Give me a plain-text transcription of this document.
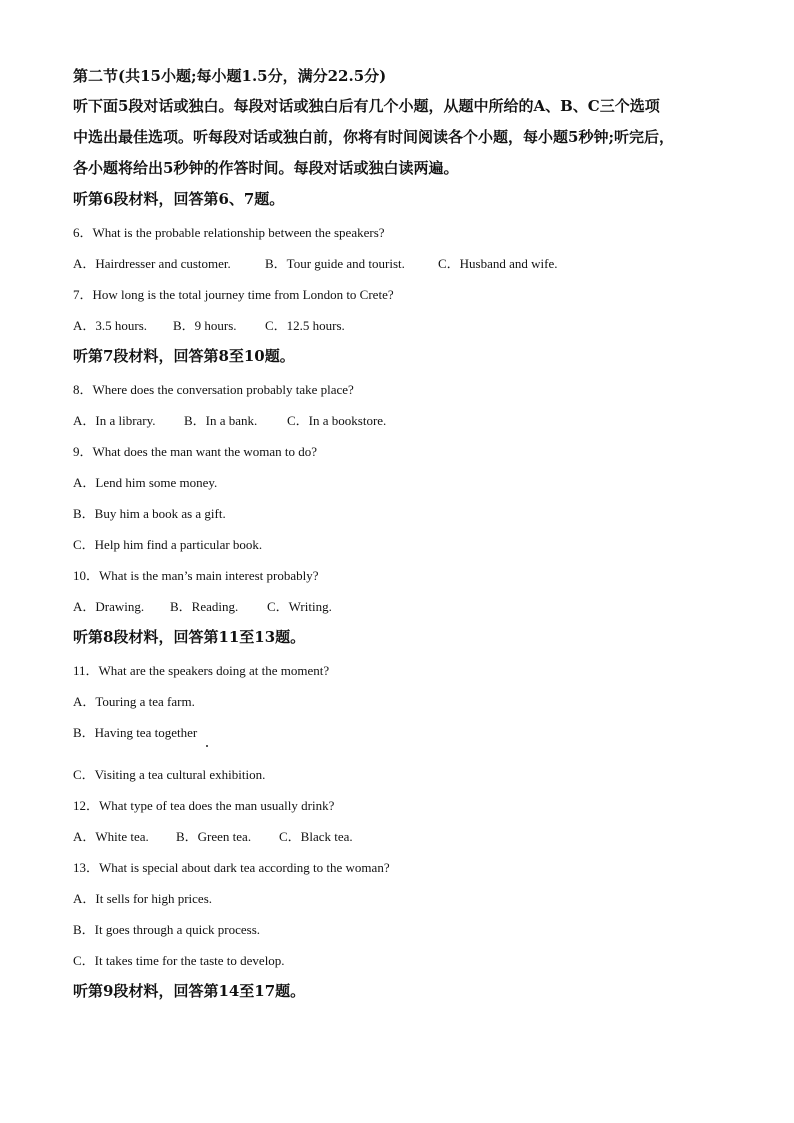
第二节(共15小题;每小题1.5分，满分22.5分)
听下面5段对话或独白。每段对话或独白后有几个小题，从题中所给的A、B、C三个选项
中选出最佳选项。听每段对话或独白前，你将有时间阅读各个小题，每小题5秒钟;听完后，
各小题将给出5秒钟的作答时间。每段对话或独白读两遍。
听第6段材料，回答第6、7题。
6．What is the probable relationship between the speakers?
A．Hairdresser and customer.	B．Tour guide and tourist.	C．Husband and wife.
7．How long is the total journey time from London to Crete?
A．3.5 hours. B．9 hours. C．12.5 hours.
听第7段材料，回答第8至10题。
8．Where does the conversation probably take place?
A．In a library. B．In a bank. C．In a bookstore.
9．What does the man want the woman to do?
A．Lend him some money.
B．Buy him a book as a gift.
C．Help him find a particular book.
10．What is the man’s main interest probably?
A．Drawing. B．Reading. C．Writing.
听第8段材料，回答第11至13题。
11．What are the speakers doing at the moment?
A．Touring a tea farm.
B．Having tea together
C．Visiting a tea cultural exhibition.
12．What type of tea does the man usually drink?
A．White tea. B．Green tea. C．Black tea.
13．What is special about dark tea according to the woman?
A．It sells for high prices.
B．It goes through a quick process.
C．It takes time for the taste to develop.
听第9段材料，回答第14至17题。
